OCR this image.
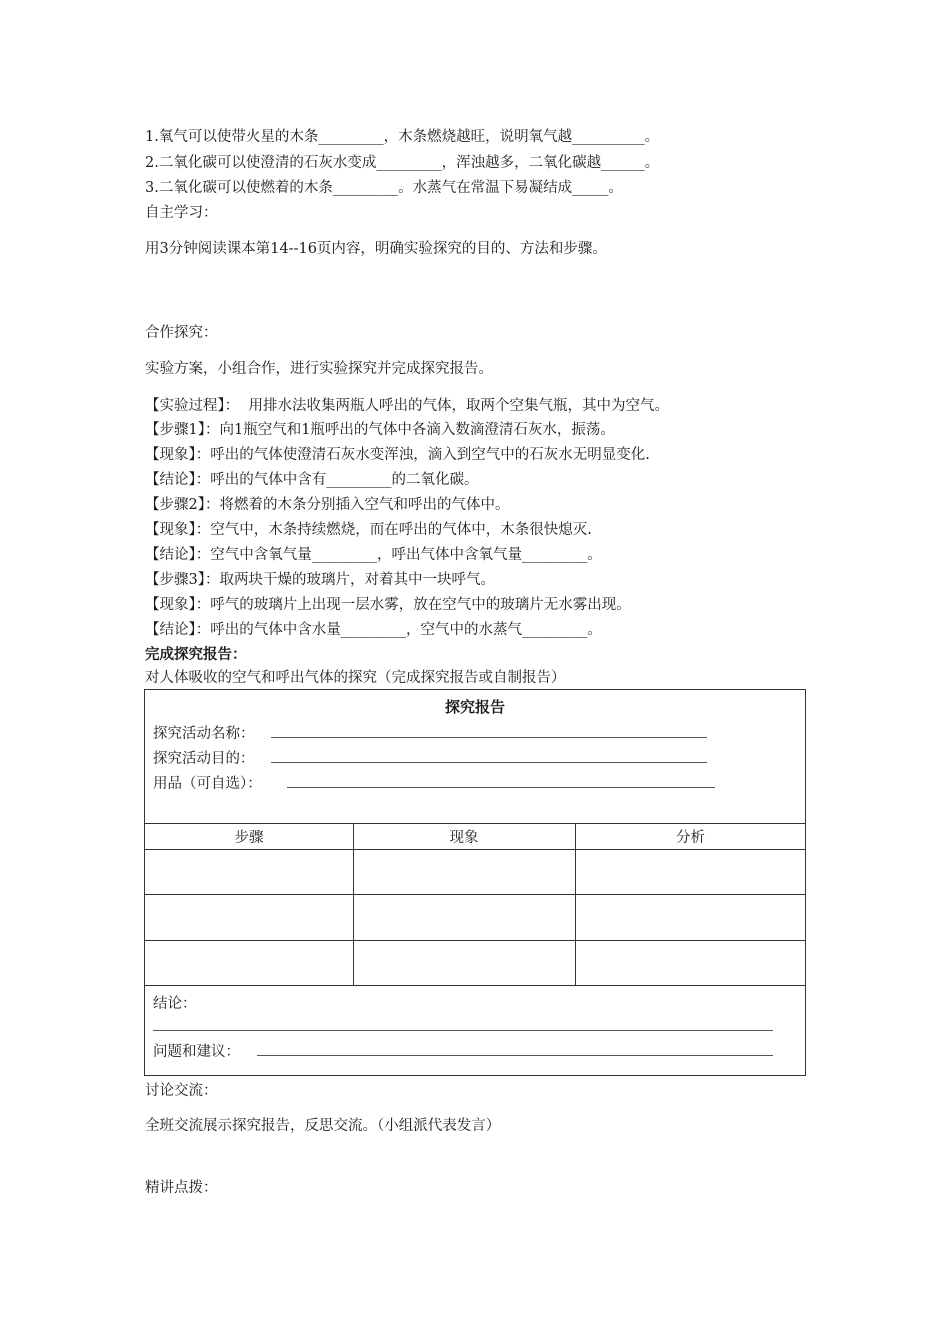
1.氧气可以使带火星的木条_________，木条燃烧越旺，说明氧气越__________。
2.二氧化碳可以使澄清的石灰水变成_________，浑浊越多，二氧化碳越______。
3.二氧化碳可以使燃着的木条_________。水蒸气在常温下易凝结成_____。
自主学习：
用3分钟阅读课本第14--16页内容，明确实验探究的目的、方法和步骤。
合作探究：
实验方案，小组合作，进行实验探究并完成探究报告。
【实验过程】：  用排水法收集两瓶人呼出的气体，取两个空集气瓶，其中为空气。
【步骤1】：向1瓶空气和1瓶呼出的气体中各滴入数滴澄清石灰水，振荡。
【现象】：呼出的气体使澄清石灰水变浑浊，滴入到空气中的石灰水无明显变化.
【结论】：呼出的气体中含有_________的二氧化碳。
【步骤2】：将燃着的木条分别插入空气和呼出的气体中。
【现象】：空气中，木条持续燃烧，而在呼出的气体中，木条很快熄灭.
【结论】：空气中含氧气量_________，呼出气体中含氧气量_________。
【步骤3】：取两块干燥的玻璃片，对着其中一块呼气。
【现象】：呼气的玻璃片上出现一层水雾，放在空气中的玻璃片无水雾出现。
【结论】：呼出的气体中含水量_________，空气中的水蒸气_________。
完成探究报告：
对人体吸收的空气和呼出气体的探究（完成探究报告或自制报告）
探究报告
探究活动名称：
探究活动目的：
用品（可自选）：
步骤	现象	分析
结论：
问题和建议：
讨论交流：
全班交流展示探究报告，反思交流。（小组派代表发言）
精讲点拨：
